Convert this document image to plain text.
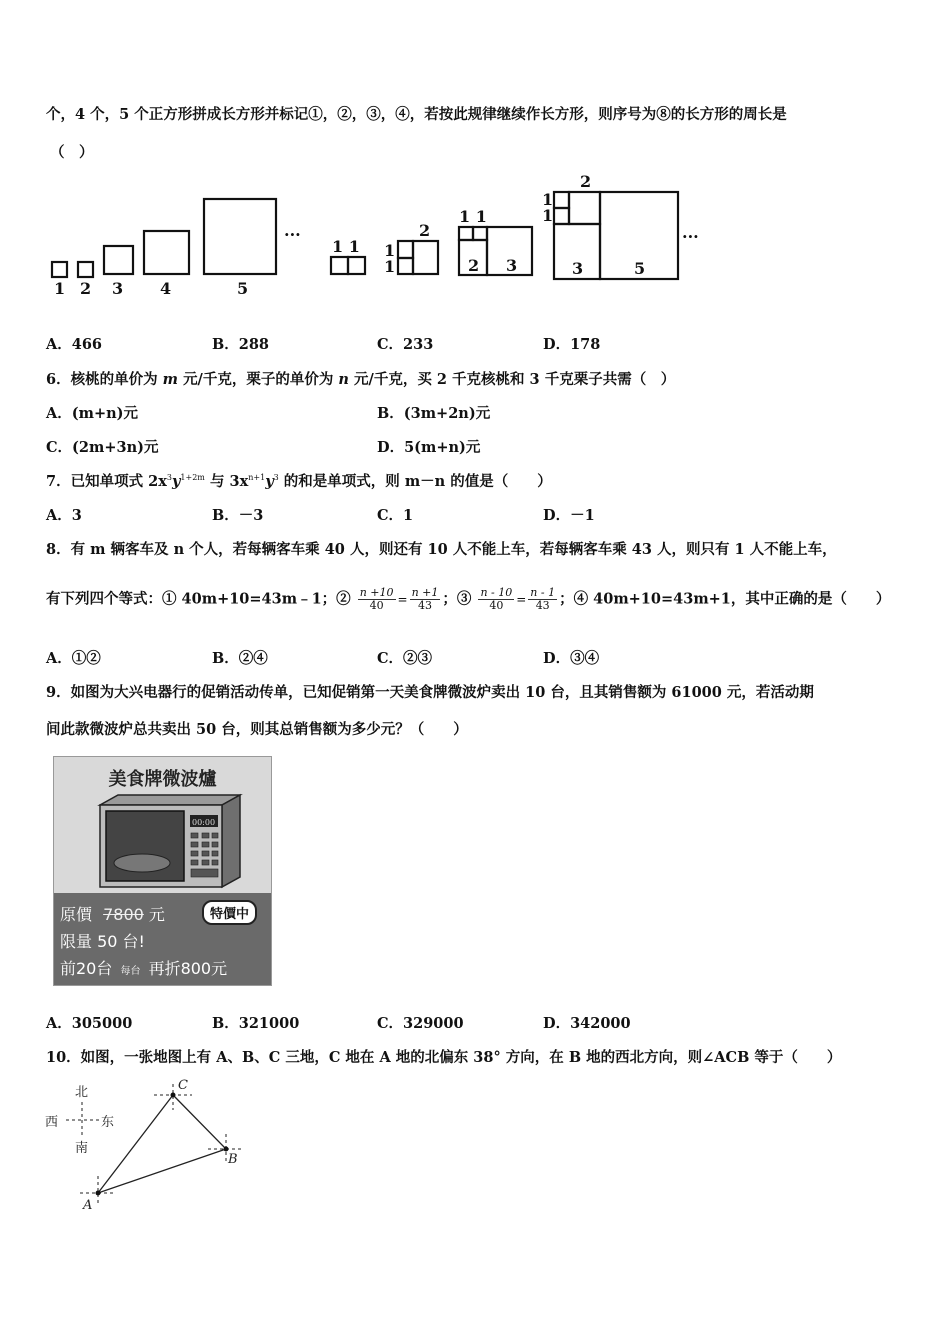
个，4 个，5 个正方形拼成长方形并标记①，②，③，④，若按此规律继续作长方形，则序号为⑧的长方形的周长是
（　）
1 2 3 4	5
···
1 1 1
1
2
1 1
2 3
2
1
1
3	5
···
A．466	B．288	C．233	D．178
6．核桃的单价为 m 元/千克，栗子的单价为 n 元/千克，买 2 千克核桃和 3 千克栗子共需（　）
A．(m+n)元	B．(3m+2n)元
C．(2m+3n)元	D．5(m+n)元
7．已知单项式 $2x^3y^{1+2m}$ 与 $3x^{n+1}y^3$ 的和是单项式，则 m－n 的值是（　　）
A．3	B．－3	C．1	D．－1
8．有 m 辆客车及 n 个人，若每辆客车乘 40 人，则还有 10 人不能上车，若每辆客车乘 43 人，则只有 1 人不能上车，
有下列四个等式：① 40m+10=43m﹣1；② $\frac{n +10}{40} = \frac{n +1}{43}$ ；③ $\frac{n - 10}{40} = \frac{n - 1}{43}$ ；④ 40m+10=43m+1，其中正确的是（　　）
A．①②	B．②④	C．②③	D．③④
9．如图为大兴电器行的促销活动传单，已知促销第一天美食牌微波炉卖出 10 台，且其销售额为 61000 元，若活动期
间此款微波炉总共卖出 50 台，则其总销售额为多少元？（　　）
美食牌微波爐
00:00
原價 7800 元	特價中
限量 50 台!
前20台 每台 再折800元
A．305000	B．321000	C．329000	D．342000
10．如图，一张地图上有 A、B、C 三地，C 地在 A 地的北偏东 38° 方向，在 B 地的西北方向，则∠ACB 等于（　　）
北
西	东
南
C
B
A
